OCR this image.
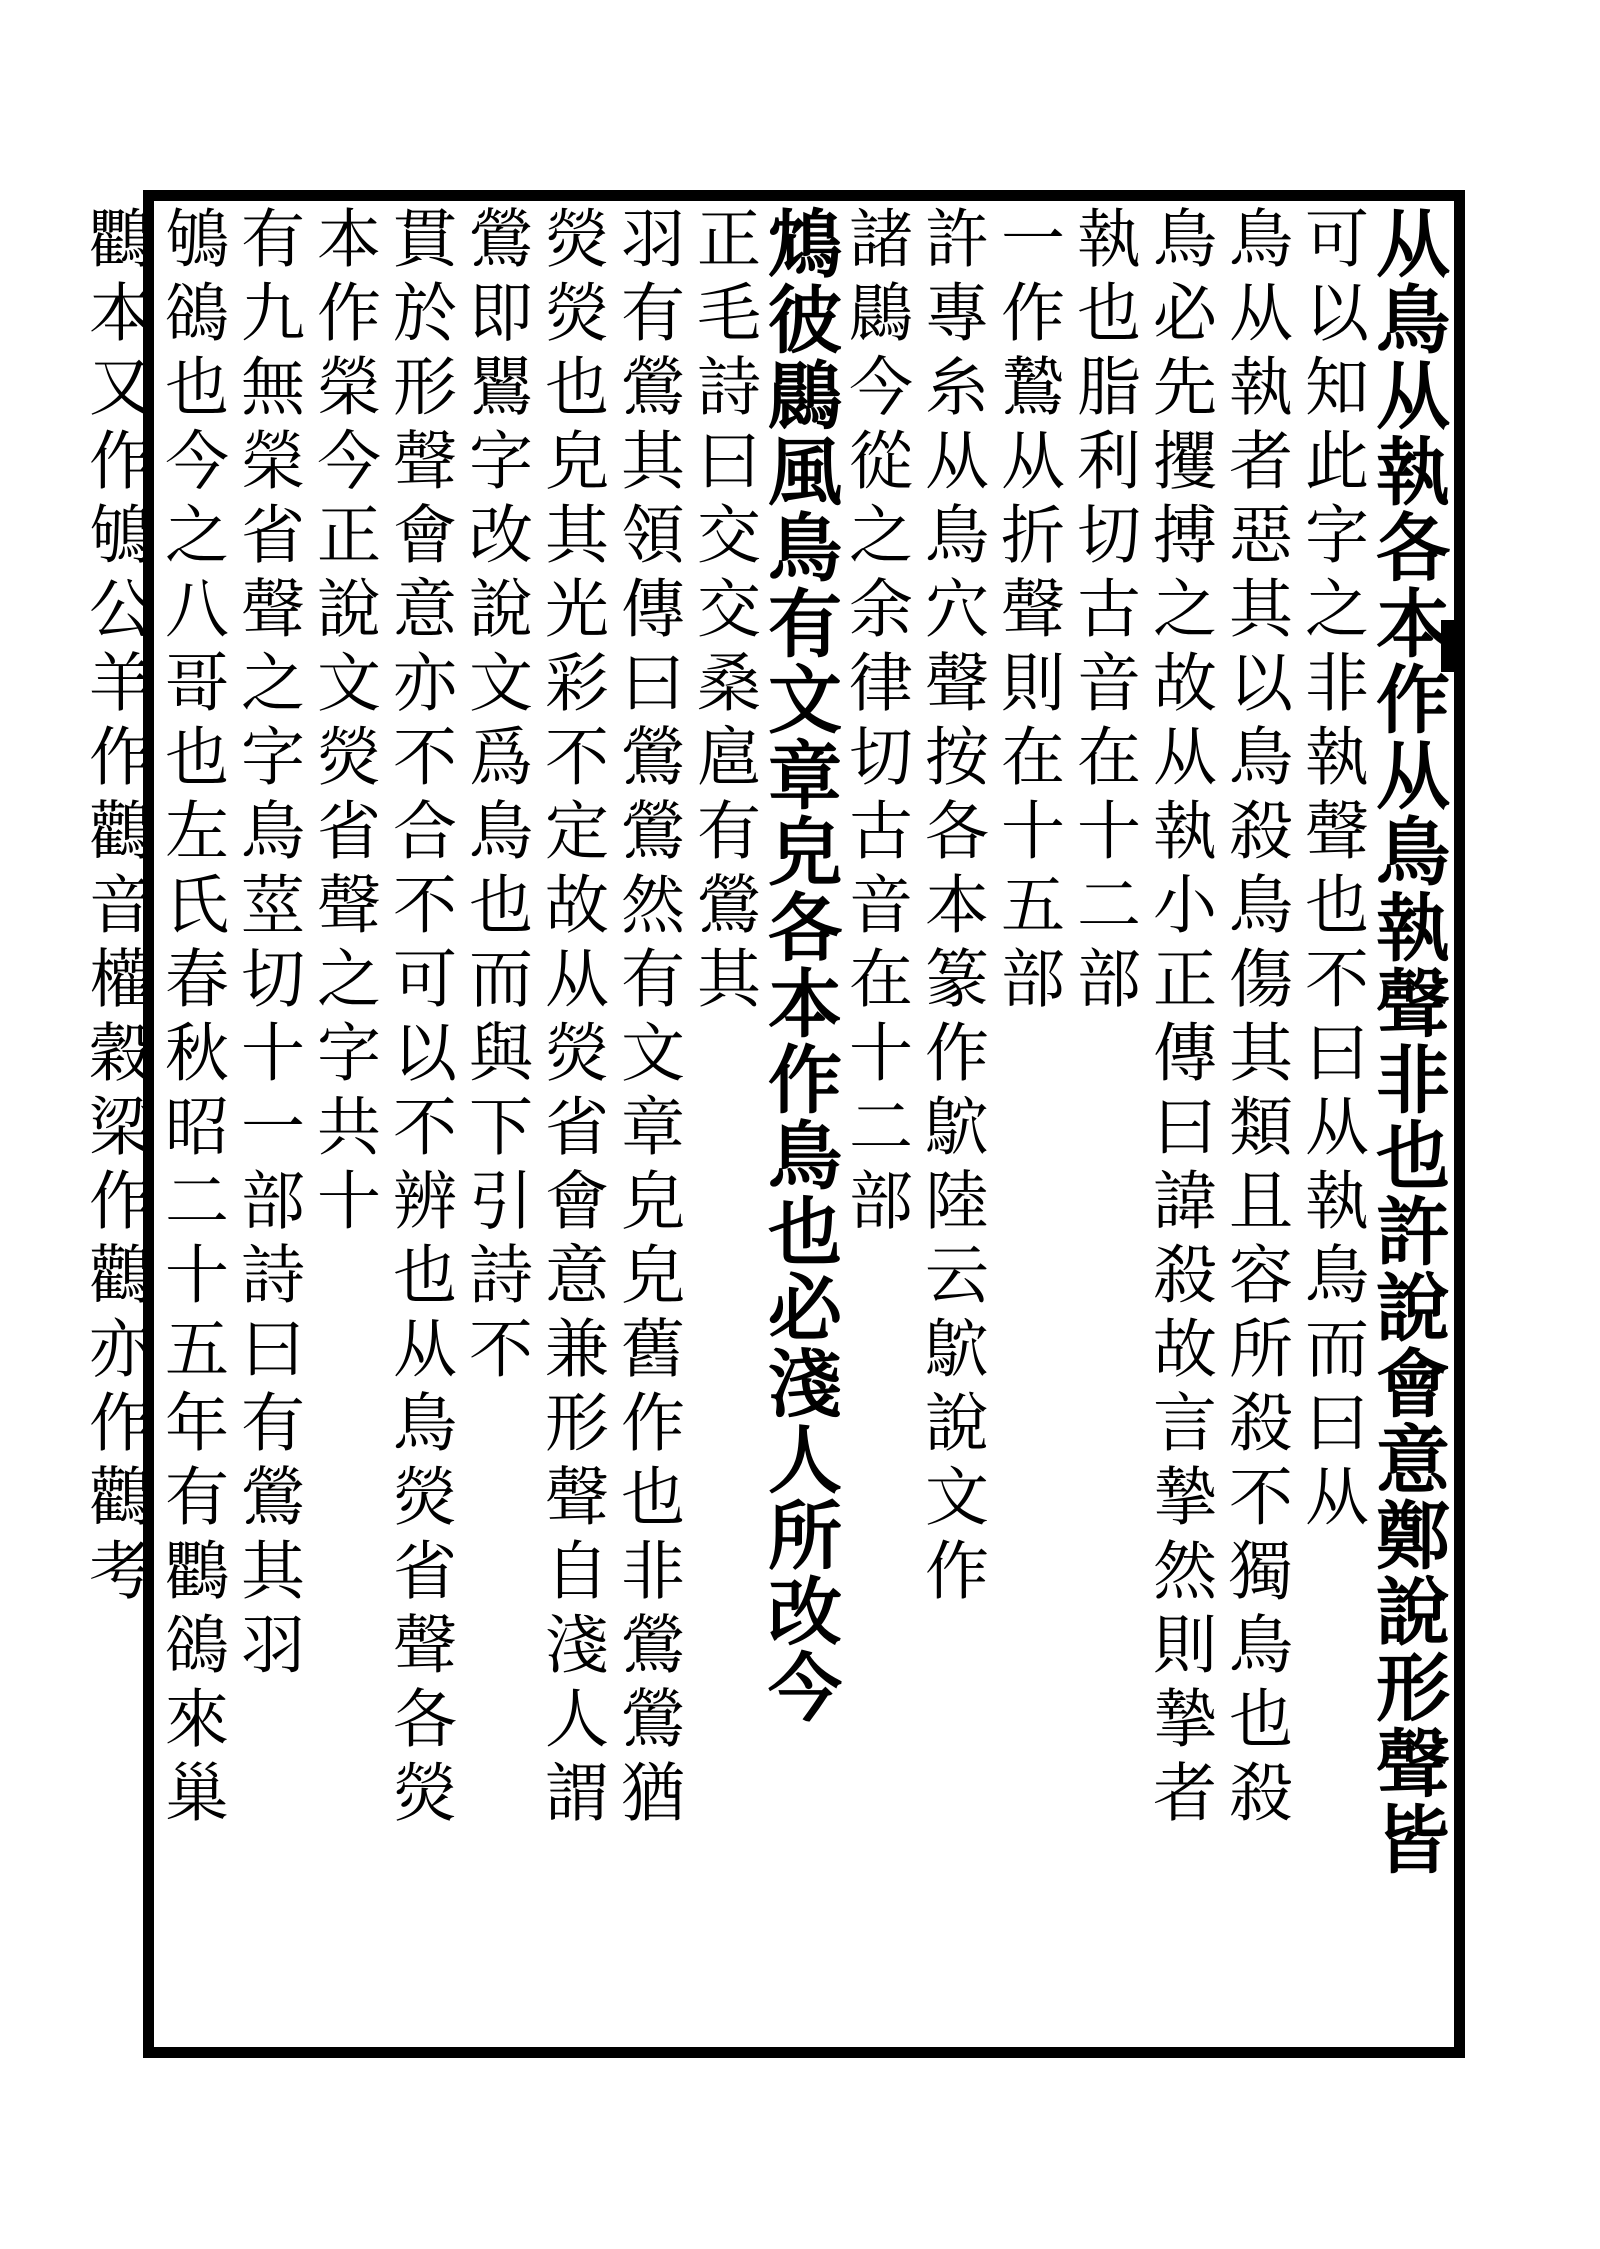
从鳥从執各本作从鳥執聲非也許說會意鄭說形聲皆
可以知此字之非執聲也不曰从執鳥而曰从
鳥从執者惡其以鳥殺鳥傷其類且容所殺不獨鳥也殺
鳥必先攫搏之故从執小正傳曰諱殺故言摯然則摯者
執也脂利切古音在十二部
一作鷙从折聲則在十五部
許專糸从鳥穴聲按各本篆作鴥陸云鴥說文作
諸鷐今從之余律切古音在十二部
鴆彼鷐風鳥有文章皃各本作鳥也必淺人所改今
正毛詩曰交交桑扈有鶯其
羽有鶯其領傳曰鶯鶯然有文章皃皃舊作也非鶯鶯猶
熒熒也皃其光彩不定故从熒省會意兼形聲自淺人謂
鶯即鸎字改說文爲鳥也而與下引詩不
貫於形聲會意亦不合不可以不辨也从鳥熒省聲各熒
本作榮今正說文熒省聲之字共十
有九無榮省聲之字鳥莖切十一部詩曰有鶯其羽
鴝鵒也今之八哥也左氏春秋昭二十五年有鸜鵒來巢
鸜本又作鴝公羊作鸛音權穀梁作鸛亦作鸛考
